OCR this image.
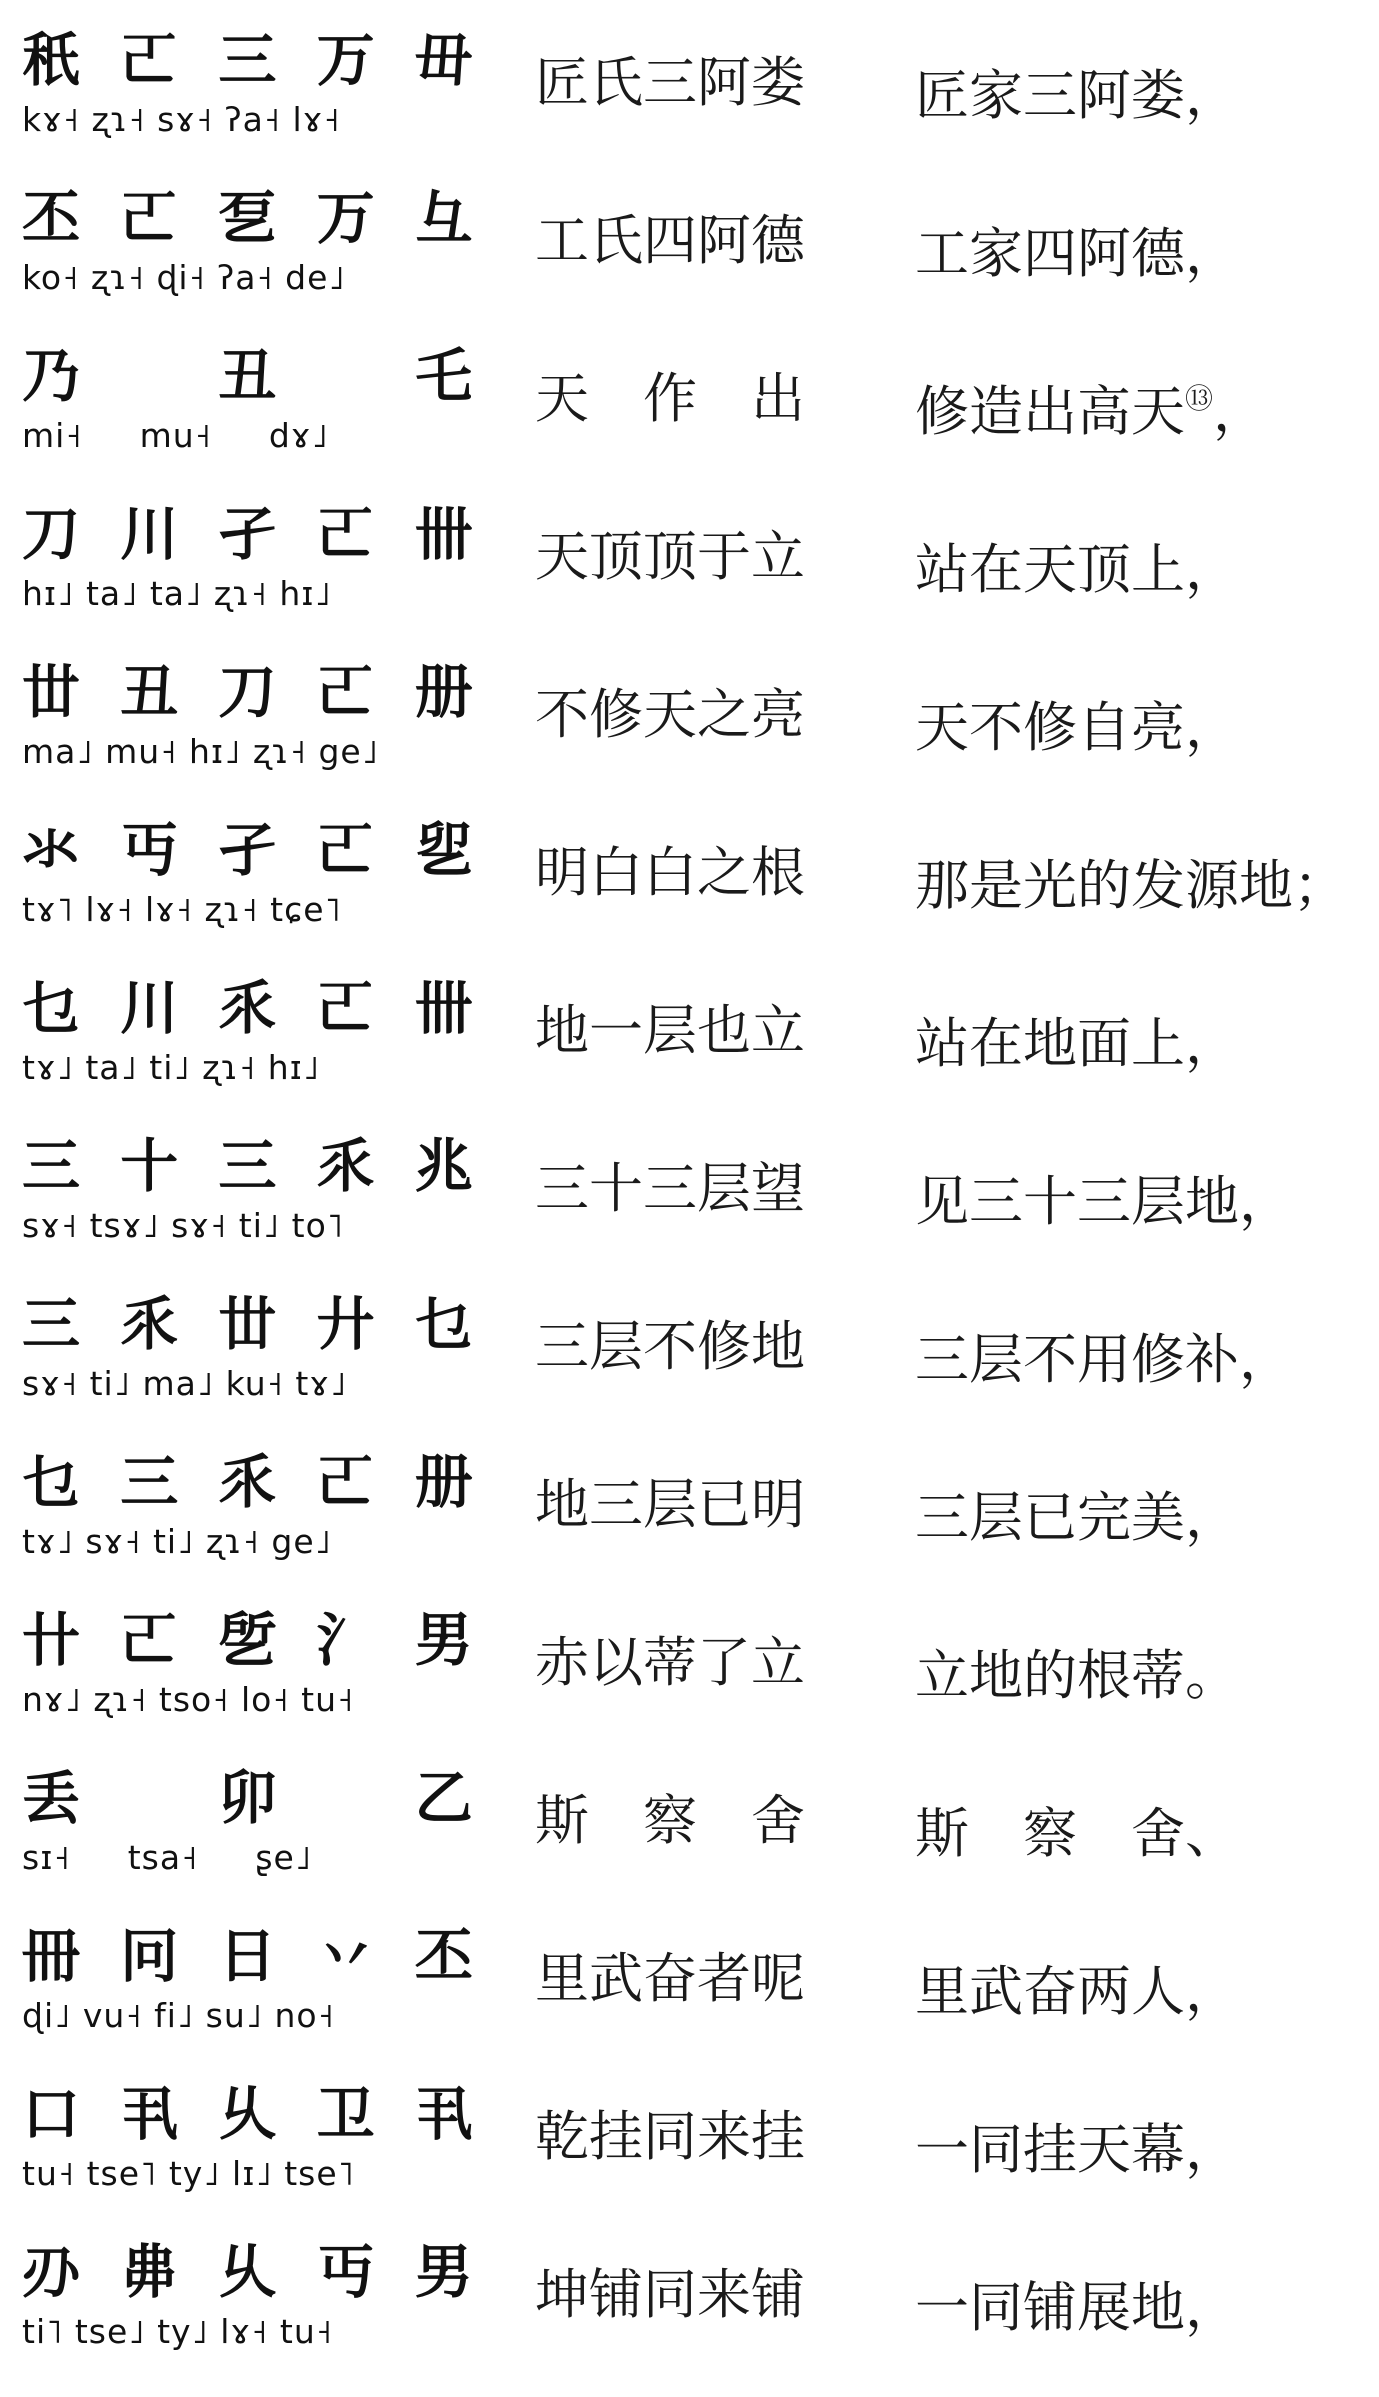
秖 𠀀 三 万 毌
kɤ˧ ʐɿ˧ sɤ˧ ʔa˧ lɤ˧
匠氏三阿娄	匠家三阿娄，
丕 𠀀 乭 万 彑
ko˧ ʐɿ˧ ɖi˧ ʔa˧ de˩
工氏四阿德	工家四阿德，
乃 　 丑 　 乇
mi˧ 　 mu˧ 　 dɤ˩
天　作　出	修造出高天⑬，
刀 川 孑 𠀀 卌
hɪ˩ ta˩ ta˩ ʐɿ˧ hɪ˩
天顶顶于立	站在天顶上，
丗 丑 刀 𠀀 册
ma˩ mu˧ hɪ˩ ʐɿ˧ ge˩
不修天之亮	天不修自亮，
氺 丏 孑 𠀀 乮
tɤ˥ lɤ˧ lɤ˧ ʐɿ˧ tɕe˥
明白白之根	那是光的发源地；
乜 川 乑 𠀀 卌
tɤ˩ ta˩ ti˩ ʐɿ˧ hɪ˩
地一层也立	站在地面上，
三 十 三 乑 兆
sɤ˧ tsɤ˩ sɤ˧ ti˩ to˥
三十三层望	见三十三层地，
三 乑 丗 廾 乜
sɤ˧ ti˩ ma˩ ku˧ tɤ˩
三层不修地	三层不用修补，
乜 三 乑 𠀀 册
tɤ˩ sɤ˧ ti˩ ʐɿ˧ ge˩
地三层已明	三层已完美，
卄 𠀀 乺 氵 男
nɤ˩ ʐɿ˧ tso˧ lo˧ tu˧
赤以蒂了立	立地的根蒂。
丢 　 卯 　 乙
sɪ˧ 　 tsa˧ 　 ʂe˩
斯　察　舍	斯　察　舍、
冊 冋 日 丷 丕
ɖi˩ vu˧ fi˩ su˩ no˧
里武奋者呢	里武奋两人，
口 丮 乆 卫 丮
tu˧ tse˥ ty˩ lɪ˩ tse˥
乾挂同来挂	一同挂天幕，
刅 丳 乆 丏 男
ti˥ tse˩ ty˩ lɤ˧ tu˧
坤铺同来铺	一同铺展地，
